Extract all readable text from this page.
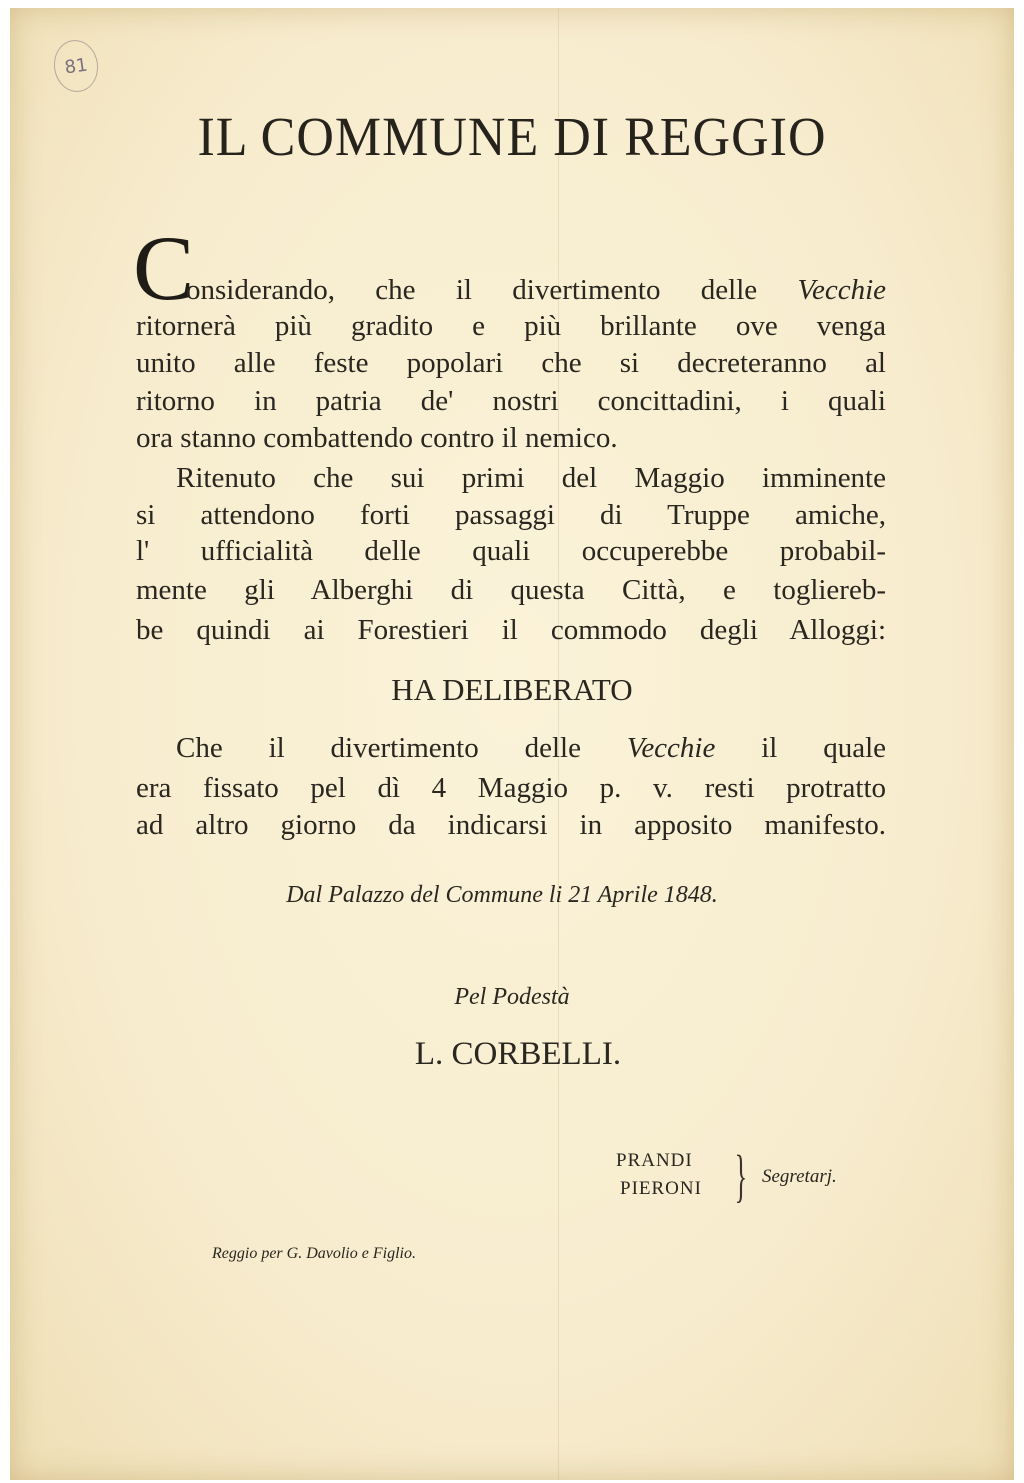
81
IL COMMUNE DI REGGIO
C
onsiderando, che il divertimento delle Vecchie
ritornerà più gradito e più brillante ove venga
unito alle feste popolari che si decreteranno al
ritorno in patria de' nostri concittadini, i quali
ora stanno combattendo contro il nemico.
Ritenuto che sui primi del Maggio imminente
si attendono forti passaggi di Truppe amiche,
l' ufficialità delle quali occuperebbe probabil-
mente gli Alberghi di questa Città, e toglierеb-
be quindi ai Forestieri il commodo degli Alloggi:
HA DELIBERATO
Che il divertimento delle Vecchie il quale
era fissato pel dì 4 Maggio p. v. resti protratto
ad altro giorno da indicarsi in apposito manifesto.
Dal Palazzo del Commune li 21 Aprile 1848.
Pel Podestà
L. CORBELLI.
PRANDI
PIERONI } Segretarj.
Reggio per G. Davolio e Figlio.
